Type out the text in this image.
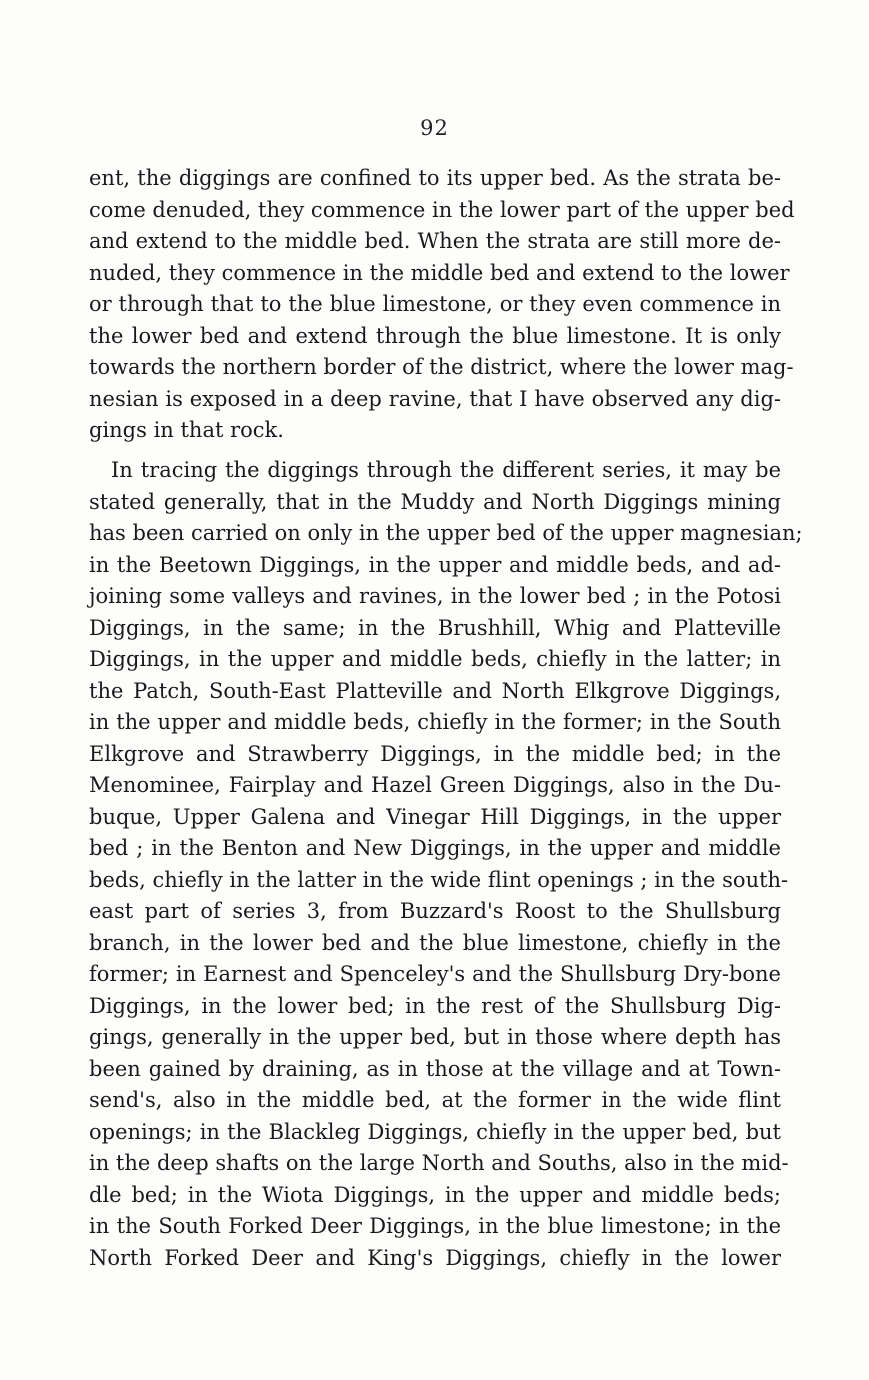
92
ent, the diggings are confined to its upper bed. As the strata be-
come denuded, they commence in the lower part of the upper bed
and extend to the middle bed. When the strata are still more de-
nuded, they commence in the middle bed and extend to the lower
or through that to the blue limestone, or they even commence in
the lower bed and extend through the blue limestone. It is only
towards the northern border of the district, where the lower mag-
nesian is exposed in a deep ravine, that I have observed any dig-
gings in that rock.
In tracing the diggings through the different series, it may be
stated generally, that in the Muddy and North Diggings mining
has been carried on only in the upper bed of the upper magnesian;
in the Beetown Diggings, in the upper and middle beds, and ad-
joining some valleys and ravines, in the lower bed ; in the Potosi
Diggings, in the same; in the Brushhill, Whig and Platteville
Diggings, in the upper and middle beds, chiefly in the latter; in
the Patch, South-East Platteville and North Elkgrove Diggings,
in the upper and middle beds, chiefly in the former; in the South
Elkgrove and Strawberry Diggings, in the middle bed; in the
Menominee, Fairplay and Hazel Green Diggings, also in the Du-
buque, Upper Galena and Vinegar Hill Diggings, in the upper
bed ; in the Benton and New Diggings, in the upper and middle
beds, chiefly in the latter in the wide flint openings ; in the south-
east part of series 3, from Buzzard's Roost to the Shullsburg
branch, in the lower bed and the blue limestone, chiefly in the
former; in Earnest and Spenceley's and the Shullsburg Dry-bone
Diggings, in the lower bed; in the rest of the Shullsburg Dig-
gings, generally in the upper bed, but in those where depth has
been gained by draining, as in those at the village and at Town-
send's, also in the middle bed, at the former in the wide flint
openings; in the Blackleg Diggings, chiefly in the upper bed, but
in the deep shafts on the large North and Souths, also in the mid-
dle bed; in the Wiota Diggings, in the upper and middle beds;
in the South Forked Deer Diggings, in the blue limestone; in the
North Forked Deer and King's Diggings, chiefly in the lower
